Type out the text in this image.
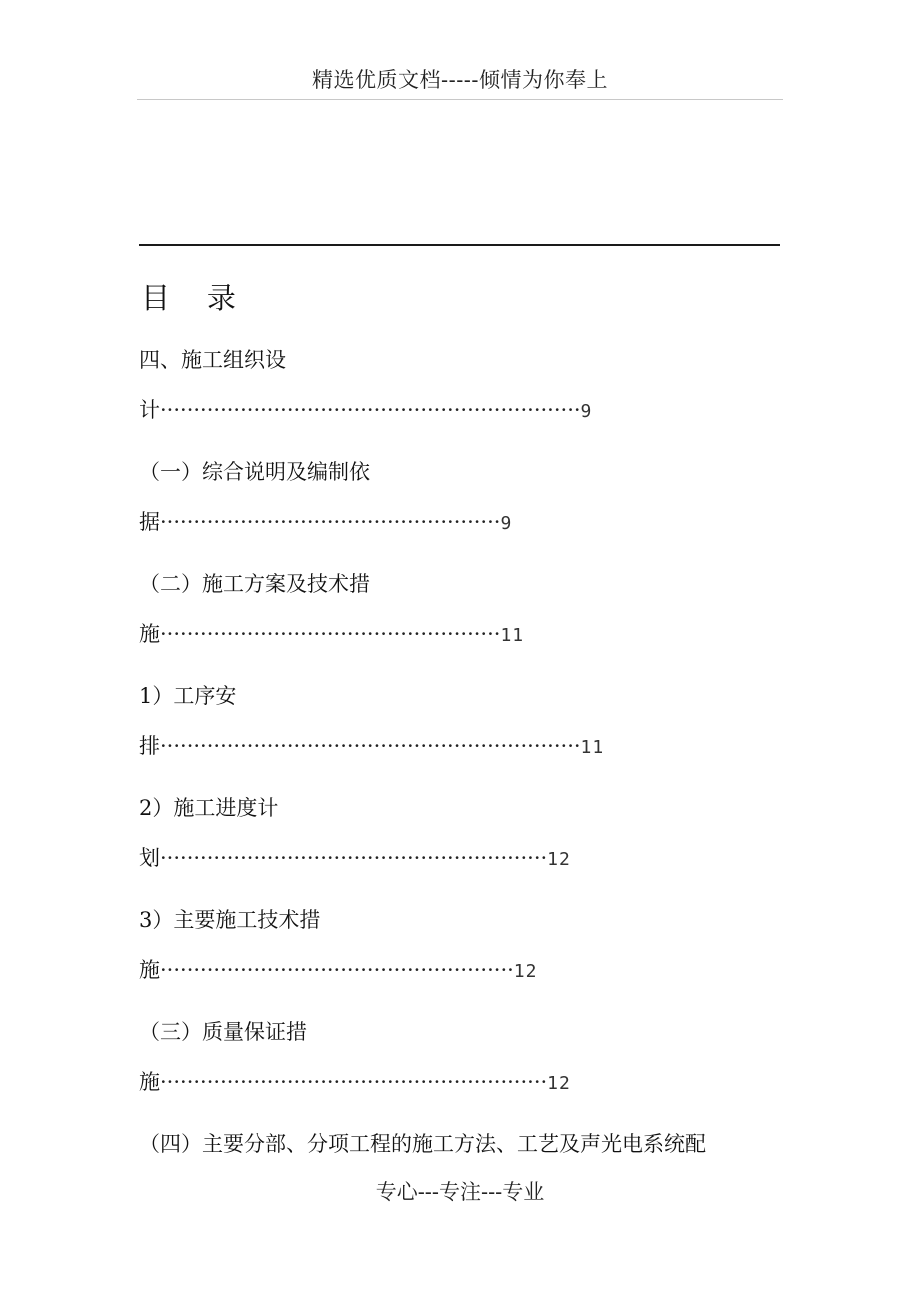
精选优质文档-----倾情为你奉上
目    录
四、施工组织设
计·······························································9
（一）综合说明及编制依
据···················································9
（二）施工方案及技术措
施···················································11
1）工序安
排·······························································11
2）施工进度计
划··························································12
3）主要施工技术措
施·····················································12
（三）质量保证措
施··························································12
（四）主要分部、分项工程的施工方法、工艺及声光电系统配
专心---专注---专业
